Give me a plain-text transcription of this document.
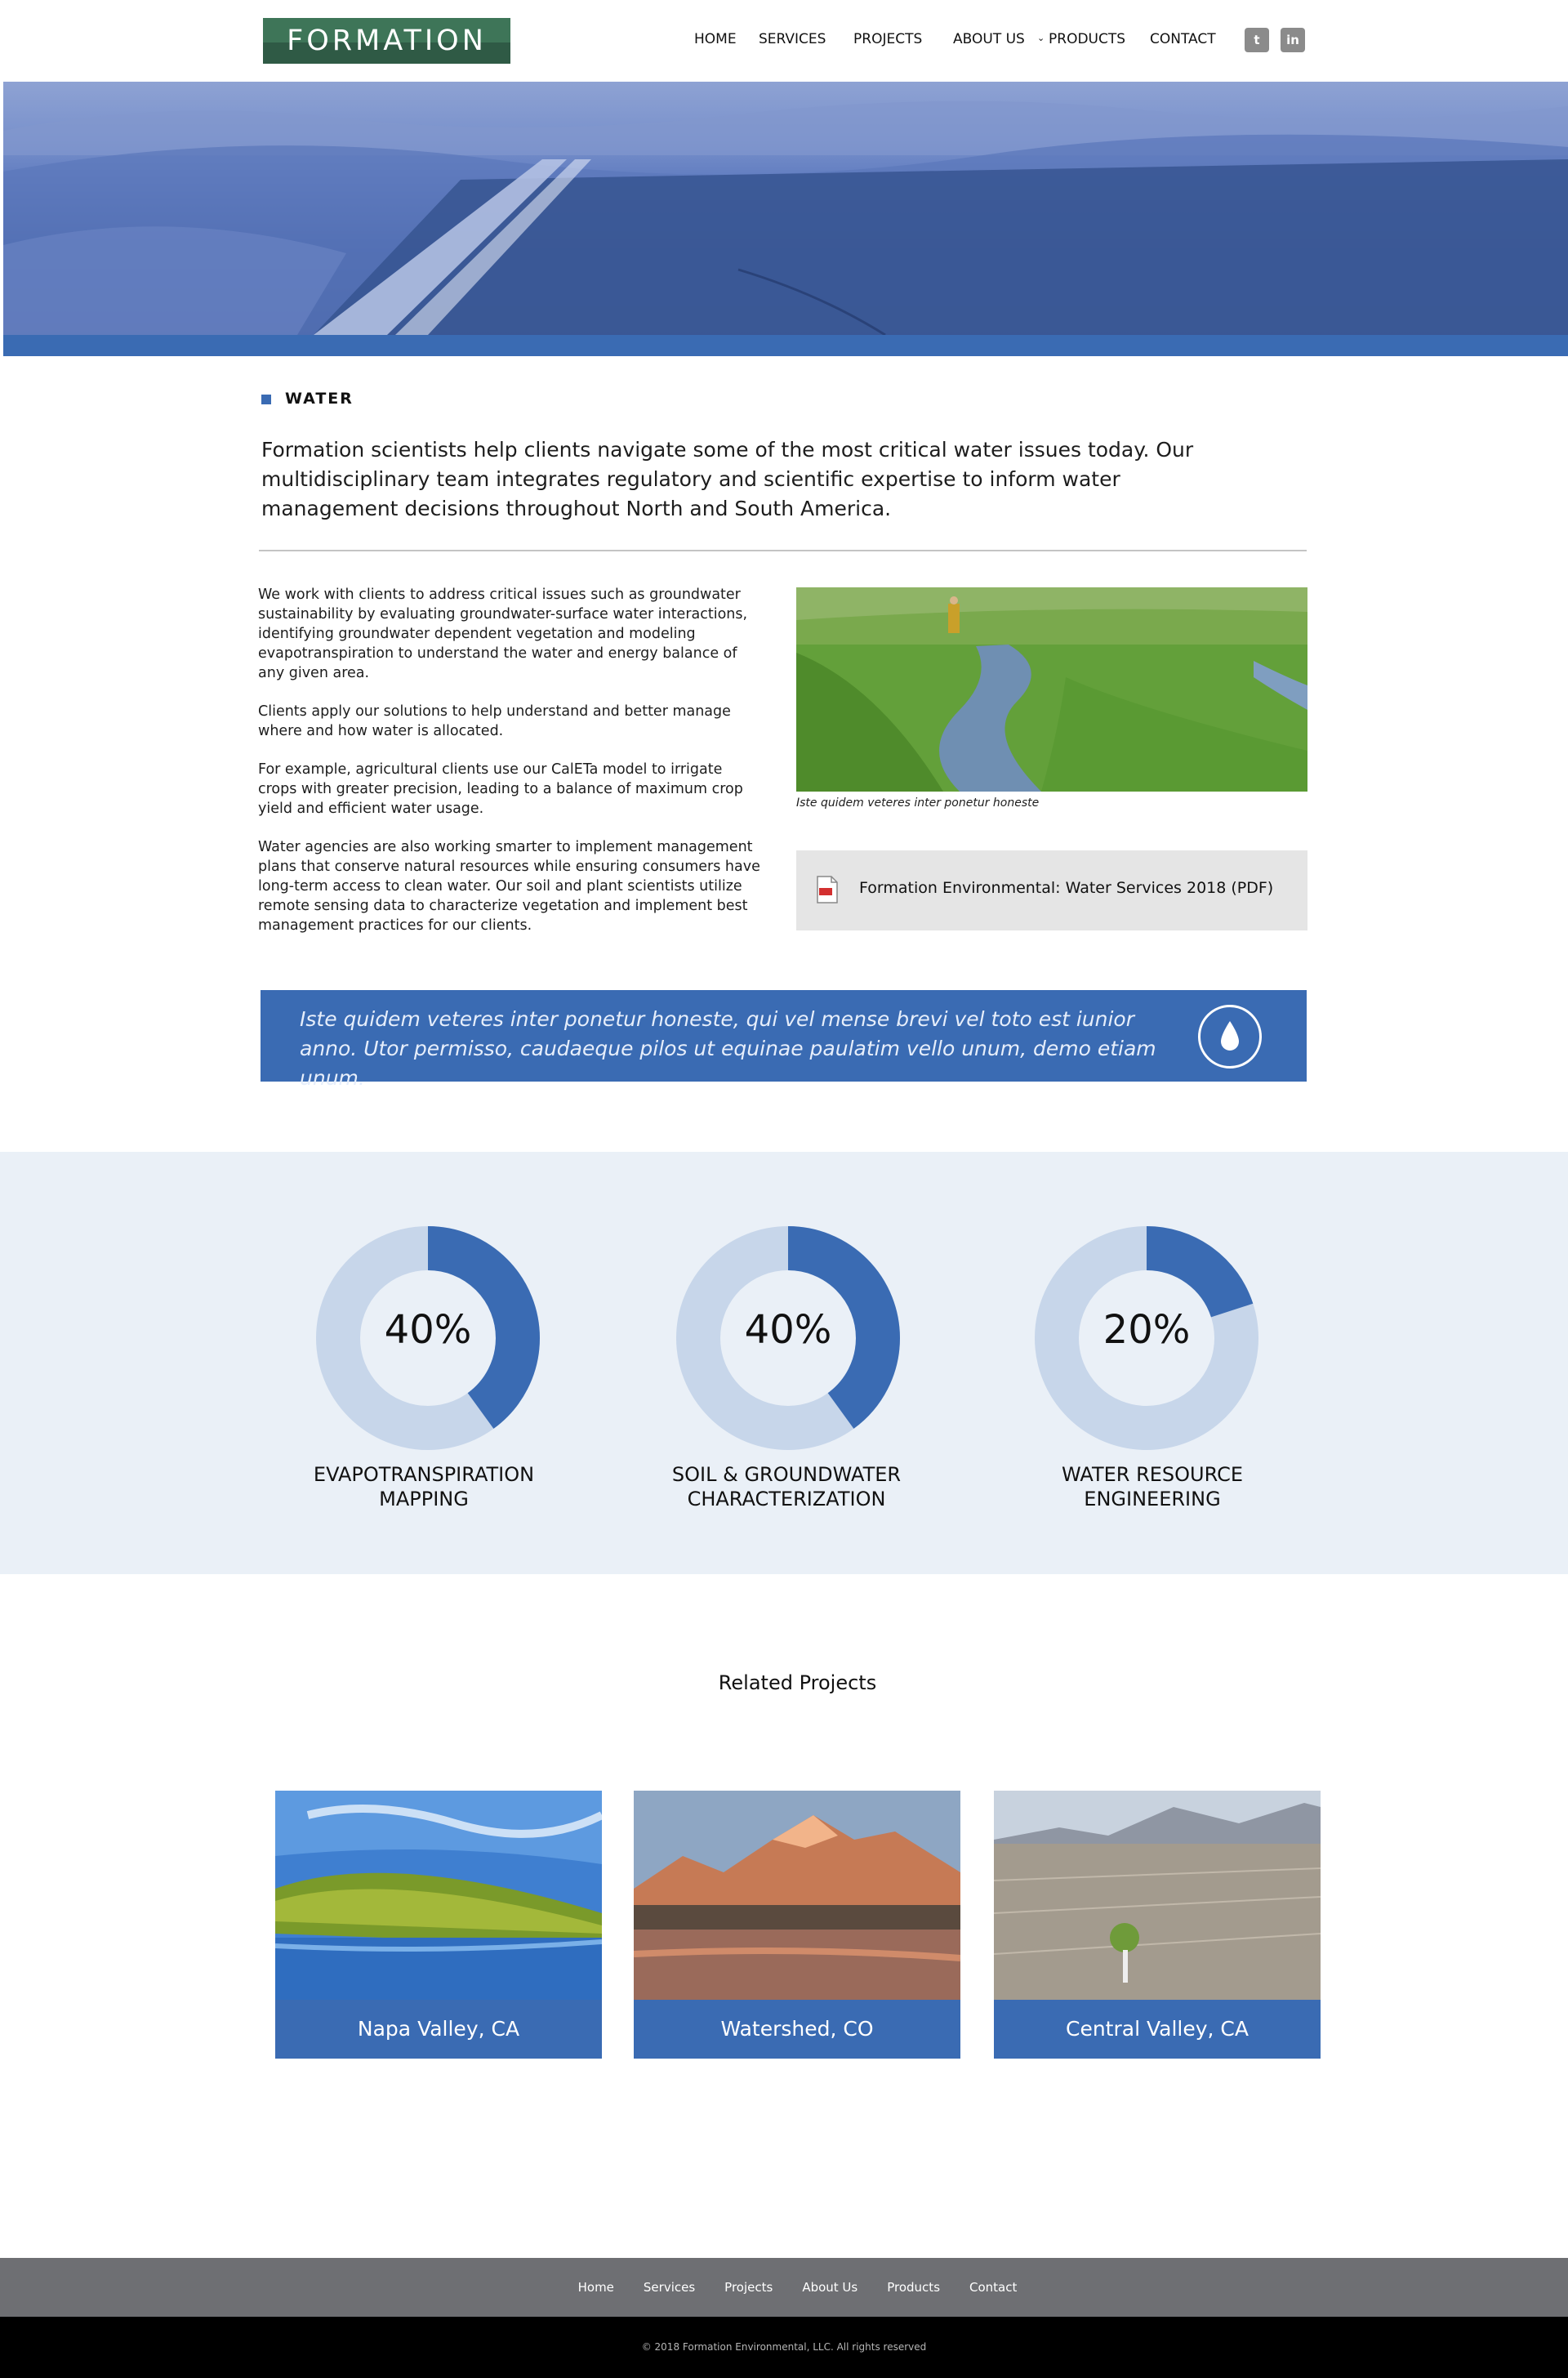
FORMATION	HOME SERVICES PROJECTS ABOUT US ⌄ PRODUCTS CONTACT	t	in
WATER
Formation scientists help clients navigate some of the most critical water issues today. Our multidisciplinary team integrates regulatory and scientific expertise to inform water management decisions throughout North and South America.

We work with clients to address critical issues such as groundwater sustainability by evaluating groundwater-surface water interactions, identifying groundwater dependent vegetation and modeling evapotranspiration to understand the water and energy balance of any given area.

Clients apply our solutions to help understand and better manage where and how water is allocated.

For example, agricultural clients use our CalETa model to irrigate crops with greater precision, leading to a balance of maximum crop yield and efficient water usage.

Water agencies are also working smarter to implement management plans that conserve natural resources while ensuring consumers have long-term access to clean water. Our soil and plant scientists utilize remote sensing data to characterize vegetation and implement best management practices for our clients.

Iste quidem veteres inter ponetur honeste
Formation Environmental: Water Services 2018 (PDF)
Iste quidem veteres inter ponetur honeste, qui vel mense brevi vel toto est iunior anno. Utor permisso, caudaeque pilos ut equinae paulatim vello unum, demo etiam unum.
40%
EVAPOTRANSPIRATION
MAPPING
40%
SOIL & GROUNDWATER
CHARACTERIZATION
20%
WATER RESOURCE
ENGINEERING
Related Projects
Napa Valley, CA	Watershed, CO	Central Valley, CA
Home Services Projects About Us Products Contact
© 2018 Formation Environmental, LLC. All rights reserved
